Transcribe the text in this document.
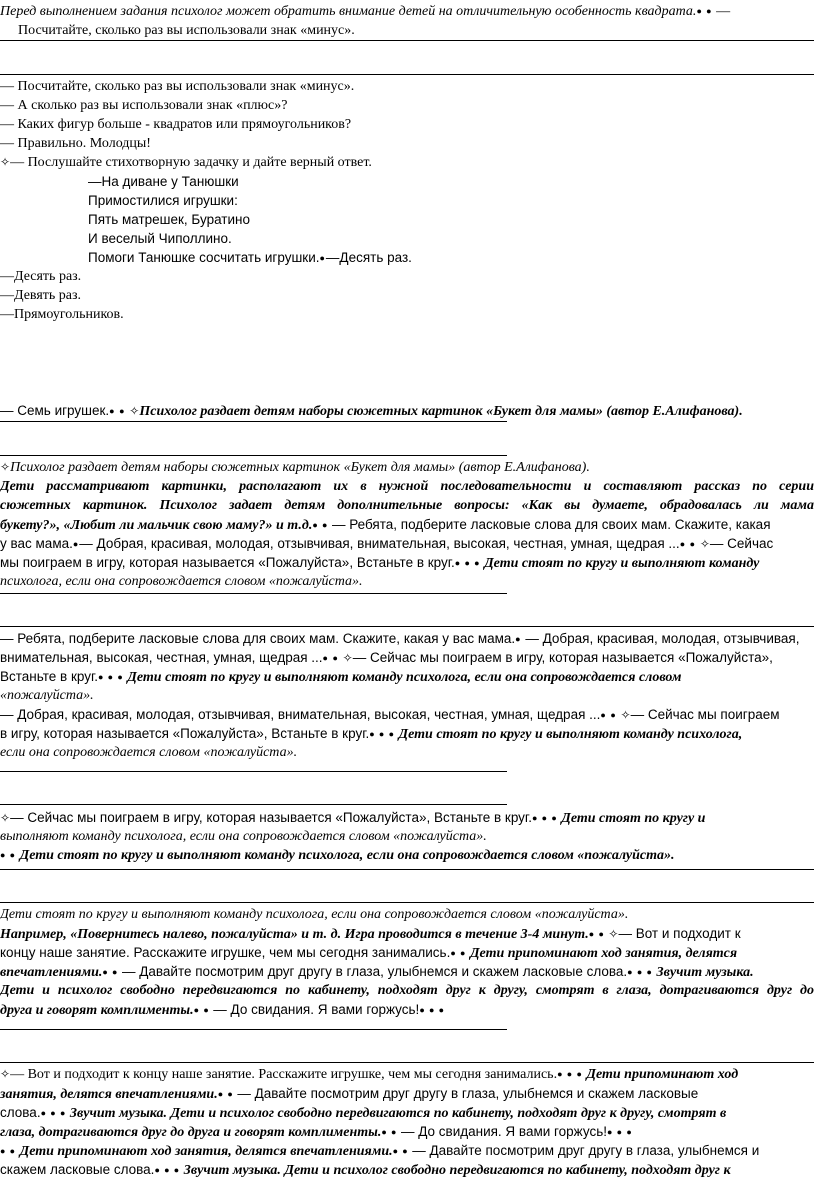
Перед выполнением задания психолог может обратить внимание детей на отличительную особенность квадрата.● ● —
Посчитайте, сколько раз вы использовали знак «минус».
— Посчитайте, сколько раз вы использовали знак «минус».
— А сколько раз вы использовали знак «плюс»?
— Каких фигур больше - квадратов или прямоугольников?
— Правильно. Молодцы!
✧— Послушайте стихотворную задачку и дайте верный ответ.
—На диване у Танюшки
Примостилися игрушки:
Пять матрешек, Буратино
И веселый Чиполлино.
Помоги Танюшке сосчитать игрушки.●—Десять раз.
—Десять раз.
—Девять раз.
—Прямоугольников.
— Семь игрушек.● ● ✧Психолог раздает детям наборы сюжетных картинок «Букет для мамы» (автор Е.Алифанова).
✧Психолог раздает детям наборы сюжетных картинок «Букет для мамы» (автор Е.Алифанова).
Дети рассматривают картинки, располагают их в нужной последовательности и составляют рассказ по серии
сюжетных картинок. Психолог задает детям дополнительные вопросы: «Как вы думаете, обрадовалась ли мама
букету?», «Любит ли мальчик свою маму?» и т.д.● ● — Ребята, подберите ласковые слова для своих мам. Скажите, какая
у вас мама.●— Добрая, красивая, молодая, отзывчивая, внимательная, высокая, честная, умная, щедрая ...● ● ✧— Сейчас
мы поиграем в игру, которая называется «Пожалуйста», Встаньте в круг.● ● ● Дети стоят по кругу и выполняют команду
психолога, если она сопровождается словом «пожалуйста».
— Ребята, подберите ласковые слова для своих мам. Скажите, какая у вас мама.● — Добрая, красивая, молодая, отзывчивая,
внимательная, высокая, честная, умная, щедрая ...● ● ✧— Сейчас мы поиграем в игру, которая называется «Пожалуйста»,
Встаньте в круг.● ● ● Дети стоят по кругу и выполняют команду психолога, если она сопровождается словом
«пожалуйста».
— Добрая, красивая, молодая, отзывчивая, внимательная, высокая, честная, умная, щедрая ...● ● ✧— Сейчас мы поиграем
в игру, которая называется «Пожалуйста», Встаньте в круг.● ● ● Дети стоят по кругу и выполняют команду психолога,
если она сопровождается словом «пожалуйста».
✧— Сейчас мы поиграем в игру, которая называется «Пожалуйста», Встаньте в круг.● ● ● Дети стоят по кругу и
выполняют команду психолога, если она сопровождается словом «пожалуйста».
● ● Дети стоят по кругу и выполняют команду психолога, если она сопровождается словом «пожалуйста».
Дети стоят по кругу и выполняют команду психолога, если она сопровождается словом «пожалуйста».
Например, «Повернитесь налево, пожалуйста» и т. д. Игра проводится в течение 3-4 минут.● ● ✧— Вот и подходит к
концу наше занятие. Расскажите игрушке, чем мы сегодня занимались.● ● Дети припоминают ход занятия, делятся
впечатлениями.● ● — Давайте посмотрим друг другу в глаза, улыбнемся и скажем ласковые слова.● ● ● Звучит музыка.
Дети и психолог свободно передвигаются по кабинету, подходят друг к другу, смотрят в глаза, дотрагиваются друг до
друга и говорят комплименты.● ● — До свидания. Я вами горжусь!● ● ●
✧— Вот и подходит к концу наше занятие. Расскажите игрушке, чем мы сегодня занимались.● ● ● Дети припоминают ход
занятия, делятся впечатлениями.● ● — Давайте посмотрим друг другу в глаза, улыбнемся и скажем ласковые
слова.● ● ● Звучит музыка. Дети и психолог свободно передвигаются по кабинету, подходят друг к другу, смотрят в
глаза, дотрагиваются друг до друга и говорят комплименты.● ● — До свидания. Я вами горжусь!● ● ●
● ● Дети припоминают ход занятия, делятся впечатлениями.● ● — Давайте посмотрим друг другу в глаза, улыбнемся и
скажем ласковые слова.● ● ● Звучит музыка. Дети и психолог свободно передвигаются по кабинету, подходят друг к
